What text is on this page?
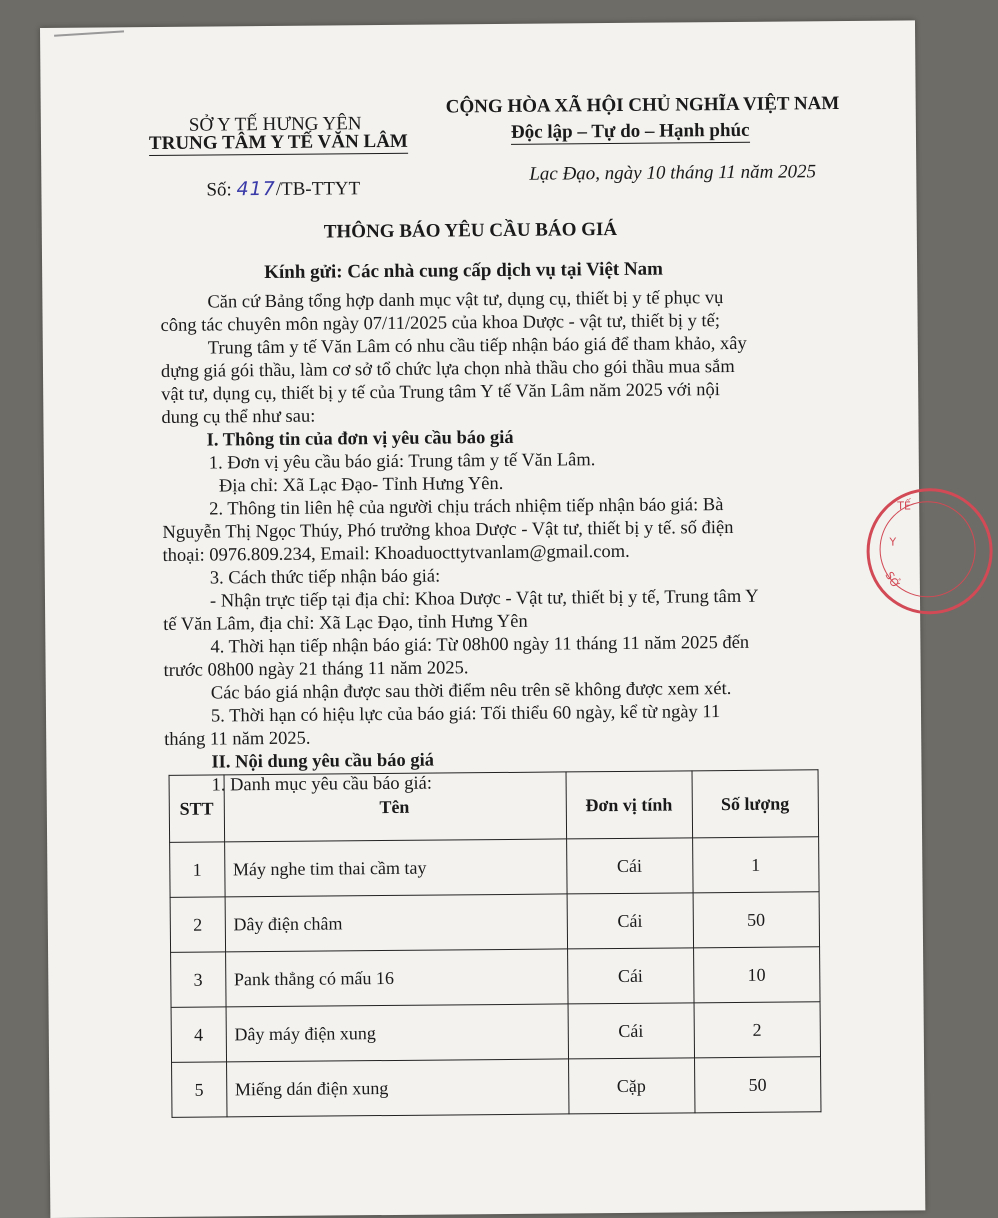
SỞ Y TẾ HƯNG YÊN
TRUNG TÂM Y TẾ VĂN LÂM
CỘNG HÒA XÃ HỘI CHỦ NGHĨA VIỆT NAM
Độc lập – Tự do – Hạnh phúc
Số: 417/TB-TTYT
Lạc Đạo, ngày 10 tháng 11 năm 2025
THÔNG BÁO YÊU CẦU BÁO GIÁ
Kính gửi: Các nhà cung cấp dịch vụ tại Việt Nam
Căn cứ Bảng tổng hợp danh mục vật tư, dụng cụ, thiết bị y tế phục vụ
công tác chuyên môn ngày 07/11/2025 của khoa Dược - vật tư, thiết bị y tế;
Trung tâm y tế Văn Lâm có nhu cầu tiếp nhận báo giá để tham khảo, xây
dựng giá gói thầu, làm cơ sở tổ chức lựa chọn nhà thầu cho gói thầu mua sắm
vật tư, dụng cụ, thiết bị y tế của Trung tâm Y tế Văn Lâm năm 2025 với nội
dung cụ thể như sau:
I. Thông tin của đơn vị yêu cầu báo giá
1. Đơn vị yêu cầu báo giá: Trung tâm y tế Văn Lâm.
Địa chỉ: Xã Lạc Đạo- Tỉnh Hưng Yên.
2. Thông tin liên hệ của người chịu trách nhiệm tiếp nhận báo giá: Bà
Nguyễn Thị Ngọc Thúy, Phó trưởng khoa Dược - Vật tư, thiết bị y tế. số điện
thoại: 0976.809.234, Email: Khoaduocttytvanlam@gmail.com.
3. Cách thức tiếp nhận báo giá:
- Nhận trực tiếp tại địa chỉ: Khoa Dược - Vật tư, thiết bị y tế, Trung tâm Y
tế Văn Lâm, địa chỉ: Xã Lạc Đạo, tỉnh Hưng Yên
4. Thời hạn tiếp nhận báo giá: Từ 08h00 ngày 11 tháng 11 năm 2025 đến
trước 08h00 ngày 21 tháng 11 năm 2025.
Các báo giá nhận được sau thời điểm nêu trên sẽ không được xem xét.
5. Thời hạn có hiệu lực của báo giá: Tối thiểu 60 ngày, kể từ ngày 11
tháng 11 năm 2025.
II. Nội dung yêu cầu báo giá
1. Danh mục yêu cầu báo giá:
STT	Tên	Đơn vị tính	Số lượng
1	Máy nghe tim thai cầm tay	Cái	1
2	Dây điện châm	Cái	50
3	Pank thẳng có mấu 16	Cái	10
4	Dây máy điện xung	Cái	2
5	Miếng dán điện xung	Cặp	50
TẾ
Y
SỞ
